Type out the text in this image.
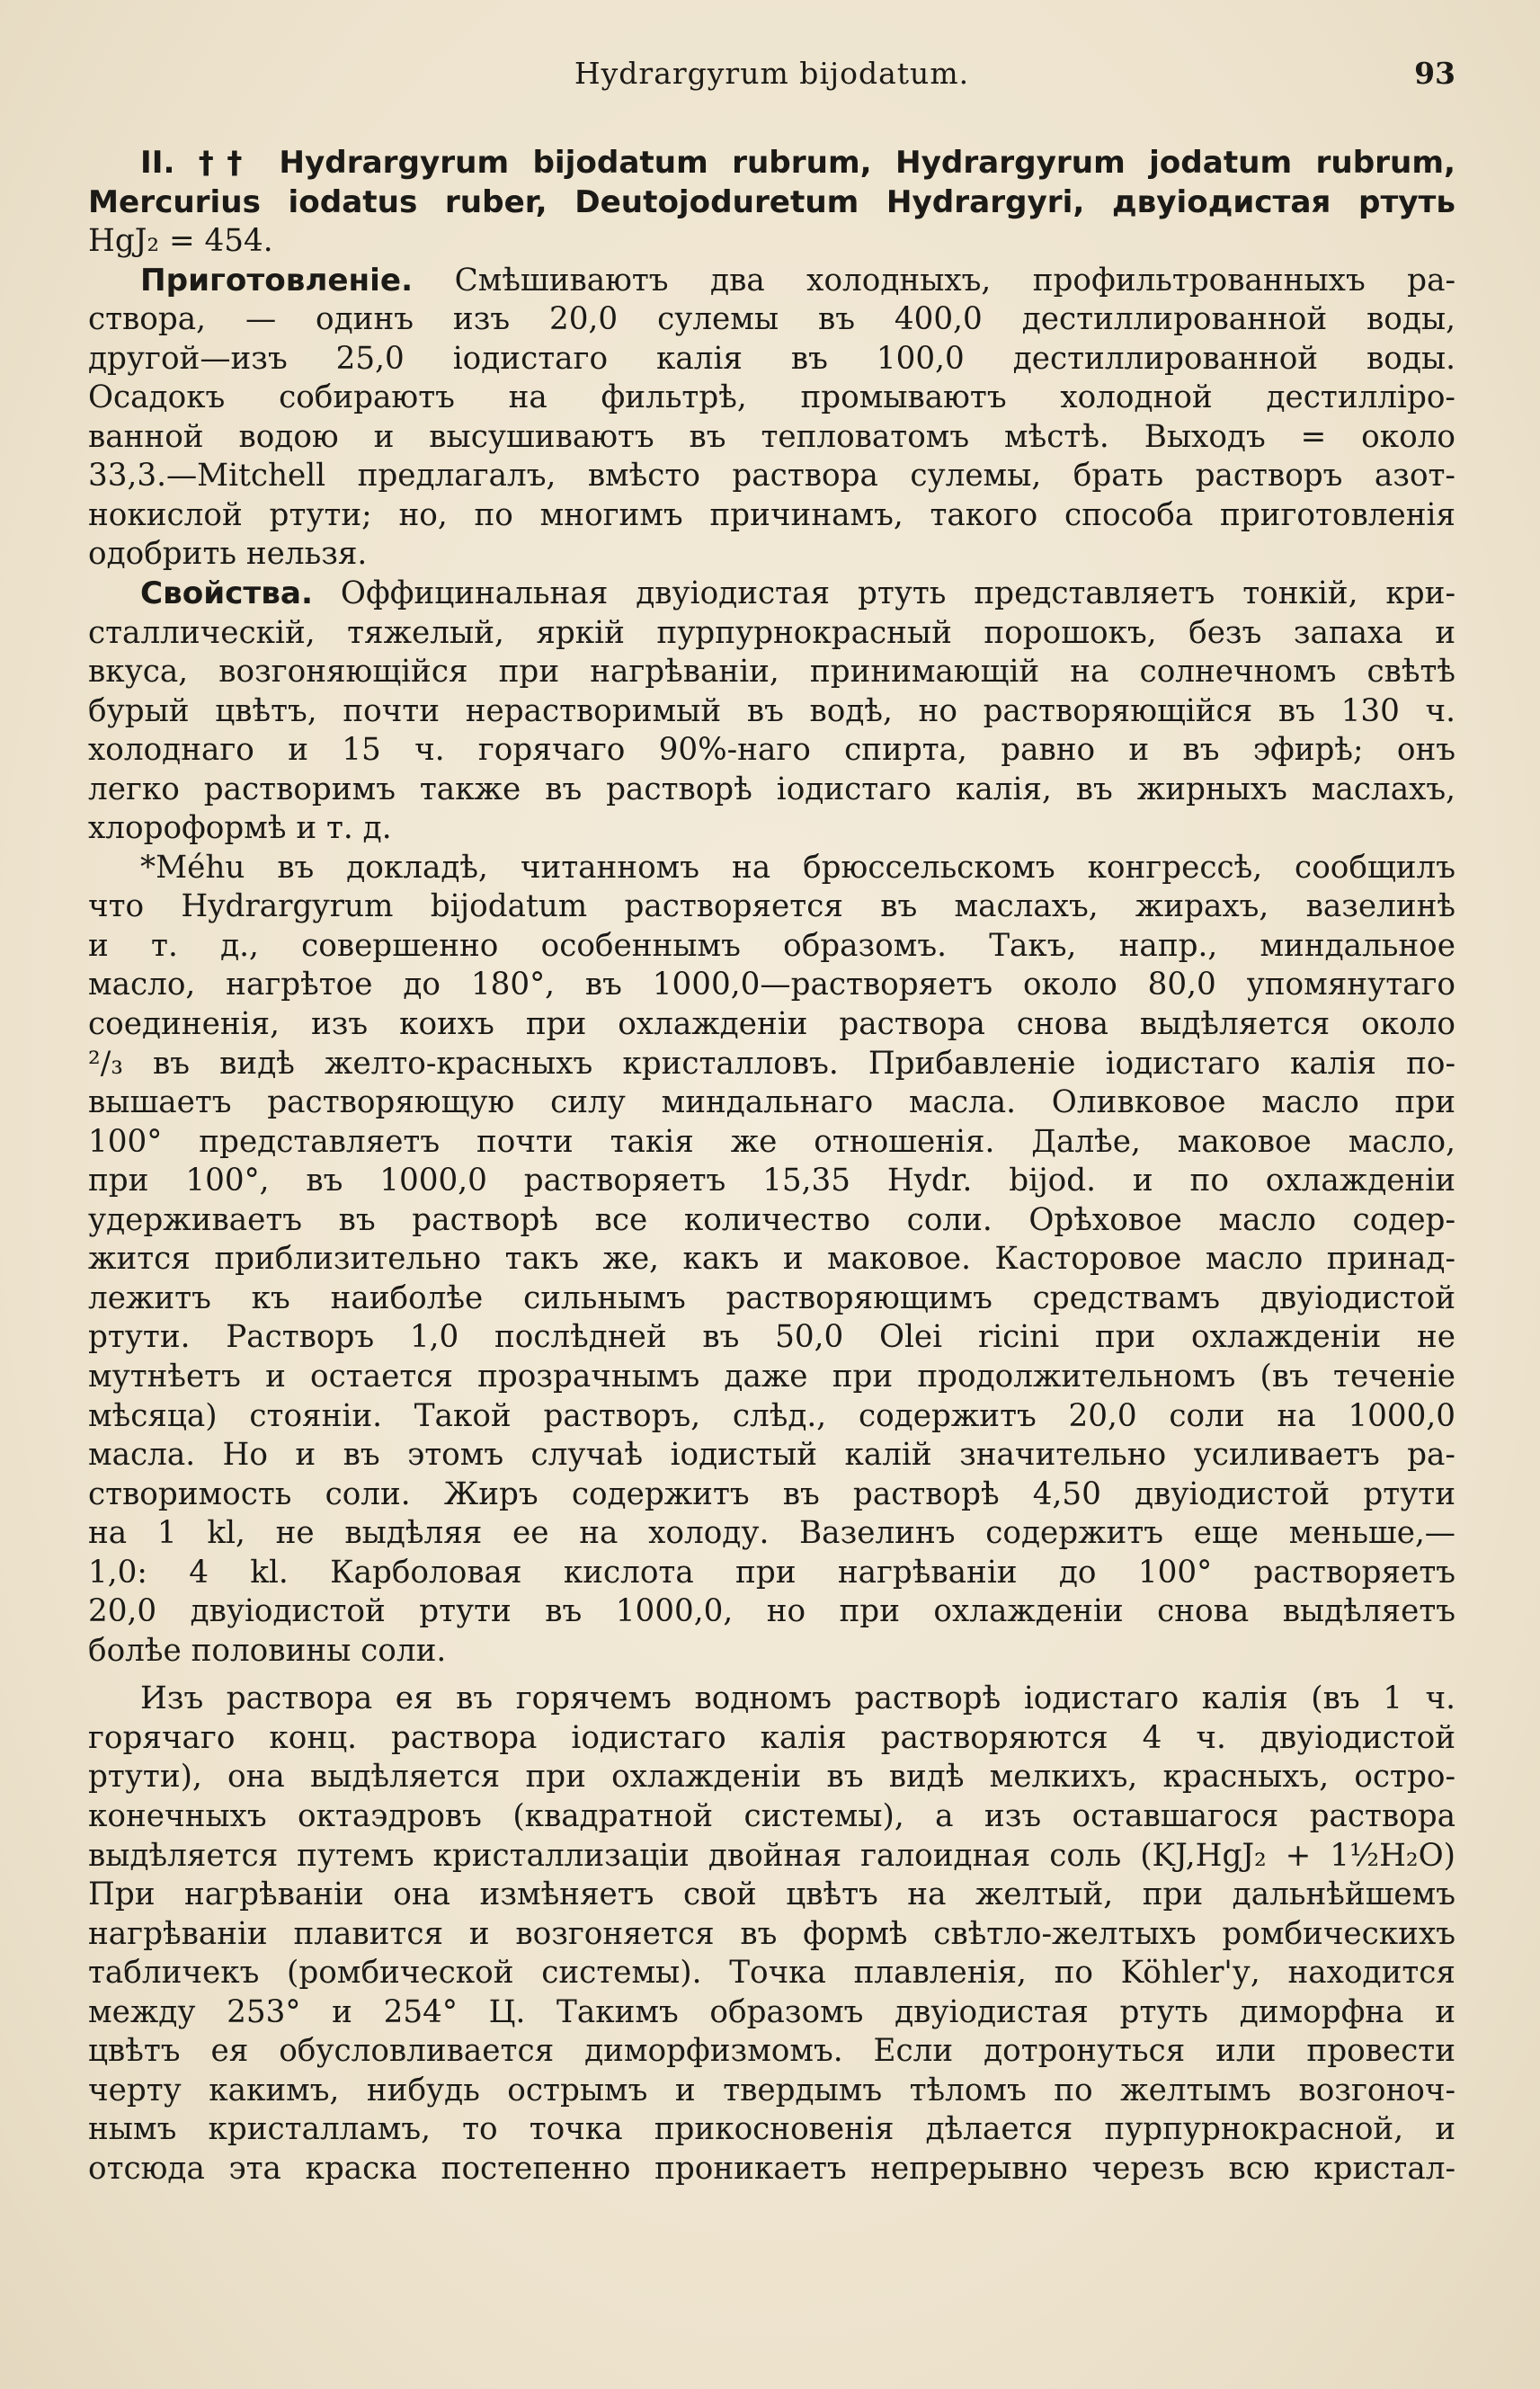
Hydrargyrum bijodatum.	93

II. †† Hydrargyrum bijodatum rubrum, Hydrargyrum jodatum rubrum,

Mercurius iodatus ruber, Deutojoduretum Hydrargyri, двуіодистая ртуть

HgJ₂ = 454.

Приготовленіе. Смѣшиваютъ два холодныхъ, профильтрованныхъ ра-

створа, — одинъ изъ 20,0 сулемы въ 400,0 дестиллированной воды,

другой—изъ 25,0 іодистаго калія въ 100,0 дестиллированной воды.

Осадокъ собираютъ на фильтрѣ, промываютъ холодной дестилліро-

ванной водою и высушиваютъ въ тепловатомъ мѣстѣ. Выходъ = около

33,3.—Mitchell предлагалъ, вмѣсто раствора сулемы, брать растворъ азот-

нокислой ртути; но, по многимъ причинамъ, такого способа приготовленія

одобрить нельзя.

Свойства. Оффицинальная двуіодистая ртуть представляетъ тонкій, кри-

сталлическій, тяжелый, яркій пурпурнокрасный порошокъ, безъ запаха и

вкуса, возгоняющійся при нагрѣваніи, принимающій на солнечномъ свѣтѣ

бурый цвѣтъ, почти нерастворимый въ водѣ, но растворяющійся въ 130 ч.

холоднаго и 15 ч. горячаго 90%-наго спирта, равно и въ эфирѣ; онъ

легко растворимъ также въ растворѣ іодистаго калія, въ жирныхъ маслахъ,

хлороформѣ и т. д.

*Méhu въ докладѣ, читанномъ на брюссельскомъ конгрессѣ, сообщилъ

что Hydrargyrum bijodatum растворяется въ маслахъ, жирахъ, вазелинѣ

и т. д., совершенно особеннымъ образомъ. Такъ, напр., миндальное

масло, нагрѣтое до 180°, въ 1000,0—растворяетъ около 80,0 упомянутаго

соединенія, изъ коихъ при охлажденіи раствора снова выдѣляется около

²/₃ въ видѣ желто-красныхъ кристалловъ. Прибавленіе іодистаго калія по-

вышаетъ растворяющую силу миндальнаго масла. Оливковое масло при

100° представляетъ почти такія же отношенія. Далѣе, маковое масло,

при 100°, въ 1000,0 растворяетъ 15,35 Hydr. bijod. и по охлажденіи

удерживаетъ въ растворѣ все количество соли. Орѣховое масло содер-

жится приблизительно такъ же, какъ и маковое. Касторовое масло принад-

лежитъ къ наиболѣе сильнымъ растворяющимъ средствамъ двуіодистой

ртути. Растворъ 1,0 послѣдней въ 50,0 Olei ricini при охлажденіи не

мутнѣетъ и остается прозрачнымъ даже при продолжительномъ (въ теченіе

мѣсяца) стояніи. Такой растворъ, слѣд., содержитъ 20,0 соли на 1000,0

масла. Но и въ этомъ случаѣ іодистый калій значительно усиливаетъ ра-

створимость соли. Жиръ содержитъ въ растворѣ 4,50 двуіодистой ртути

на 1 kl, не выдѣляя ее на холоду. Вазелинъ содержитъ еще меньше,—

1,0: 4 kl. Карболовая кислота при нагрѣваніи до 100° растворяетъ

20,0 двуіодистой ртути въ 1000,0, но при охлажденіи снова выдѣляетъ

болѣе половины соли.

Изъ раствора ея въ горячемъ водномъ растворѣ іодистаго калія (въ 1 ч.

горячаго конц. раствора іодистаго калія растворяются 4 ч. двуіодистой

ртути), она выдѣляется при охлажденіи въ видѣ мелкихъ, красныхъ, остро-

конечныхъ октаэдровъ (квадратной системы), а изъ оставшагося раствора

выдѣляется путемъ кристаллизаціи двойная галоидная соль (KJ,HgJ₂ + 1½H₂O)

При нагрѣваніи она измѣняетъ свой цвѣтъ на желтый, при дальнѣйшемъ

нагрѣваніи плавится и возгоняется въ формѣ свѣтло-желтыхъ ромбическихъ

табличекъ (ромбической системы). Точка плавленія, по Köhler'у, находится

между 253° и 254° Ц. Такимъ образомъ двуіодистая ртуть диморфна и

цвѣтъ ея обусловливается диморфизмомъ. Если дотронуться или провести

черту какимъ, нибудь острымъ и твердымъ тѣломъ по желтымъ возгоноч-

нымъ кристалламъ, то точка прикосновенія дѣлается пурпурнокрасной, и

отсюда эта краска постепенно проникаетъ непрерывно черезъ всю кристал-
